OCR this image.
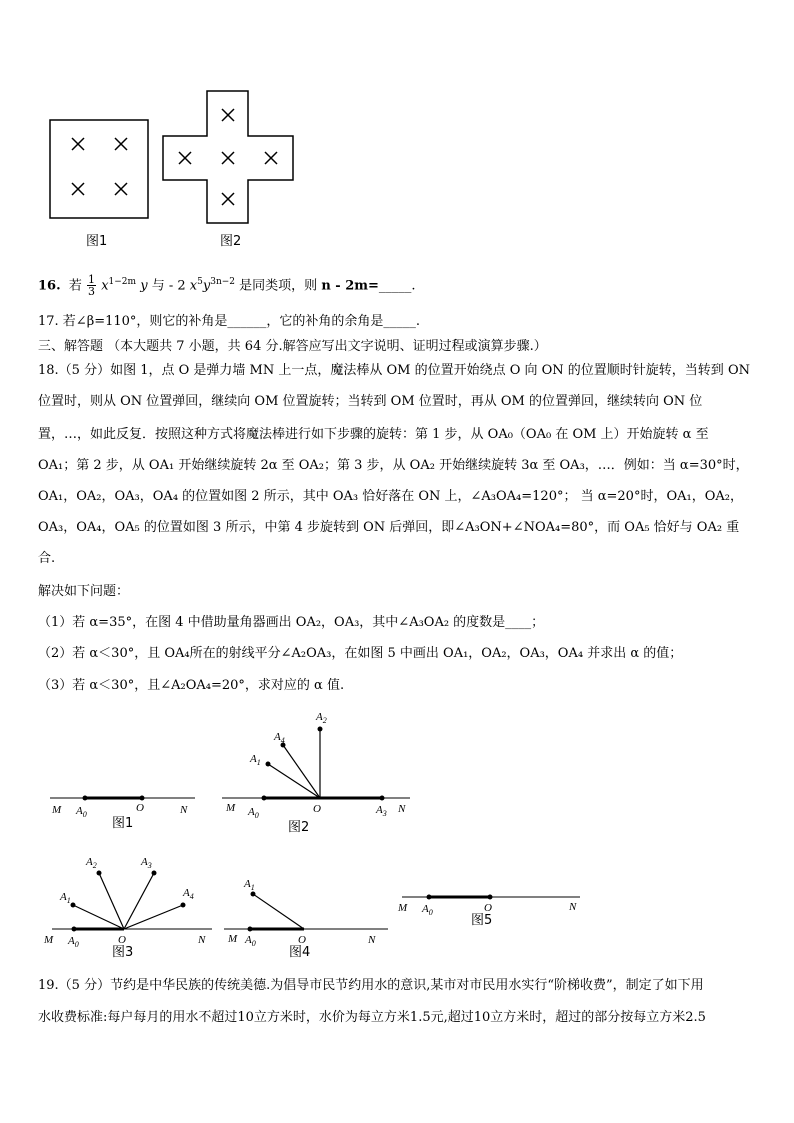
图1	图2
16. 若 $\frac{1}{3} x^{1-2m}$ y 与 - 2 $x^5y^{3n-2}$ 是同类项，则 n - 2m=_____.
17. 若∠β=110°，则它的补角是______，它的补角的余角是_____.
三、解答题 （本大题共 7 小题，共 64 分.解答应写出文字说明、证明过程或演算步骤.）
18.（5 分）如图 1，点 O 是弹力墙 MN 上一点，魔法棒从 OM 的位置开始绕点 O 向 ON 的位置顺时针旋转，当转到 ON
位置时，则从 ON 位置弹回，继续向 OM 位置旋转；当转到 OM 位置时，再从 OM 的位置弹回，继续转向 ON 位
置，…，如此反复．按照这种方式将魔法棒进行如下步骤的旋转：第 1 步，从 OA₀（OA₀ 在 OM 上）开始旋转 α 至
OA₁；第 2 步，从 OA₁ 开始继续旋转 2α 至 OA₂；第 3 步，从 OA₂ 开始继续旋转 3α 至 OA₃，…．例如：当 α=30°时，
OA₁，OA₂，OA₃，OA₄ 的位置如图 2 所示，其中 OA₃ 恰好落在 ON 上，∠A₃OA₄=120°； 当 α=20°时，OA₁，OA₂，
OA₃，OA₄，OA₅ 的位置如图 3 所示，中第 4 步旋转到 ON 后弹回，即∠A₃ON+∠NOA₄=80°，而 OA₅ 恰好与 OA₂ 重
合.
解决如下问题：
（1）若 α=35°，在图 4 中借助量角器画出 OA₂，OA₃，其中∠A₃OA₂ 的度数是____；
（2）若 α＜30°，且 OA₄所在的射线平分∠A₂OA₃，在如图 5 中画出 OA₁，OA₂，OA₃，OA₄ 并求出 α 的值；
（3）若 α＜30°，且∠A₂OA₄=20°，求对应的 α 值.
M $A_0$
O	N
图1
M $A_0$
O	$A_3$ N
$A_2$
$A_4$
$A_1$
图2
M $A_0$	O	N
$A_1$
$A_2$	$A_3$
$A_4$
图3
M $A_0$	O	N
$A_1$
图4
M $A_0$	O	N
图5
19.（5 分）节约是中华民族的传统美德.为倡导市民节约用水的意识,某市对市民用水实行“阶梯收费”，制定了如下用
水收费标准:每户每月的用水不超过10立方米时，水价为每立方米1.5元,超过10立方米时，超过的部分按每立方米2.5
